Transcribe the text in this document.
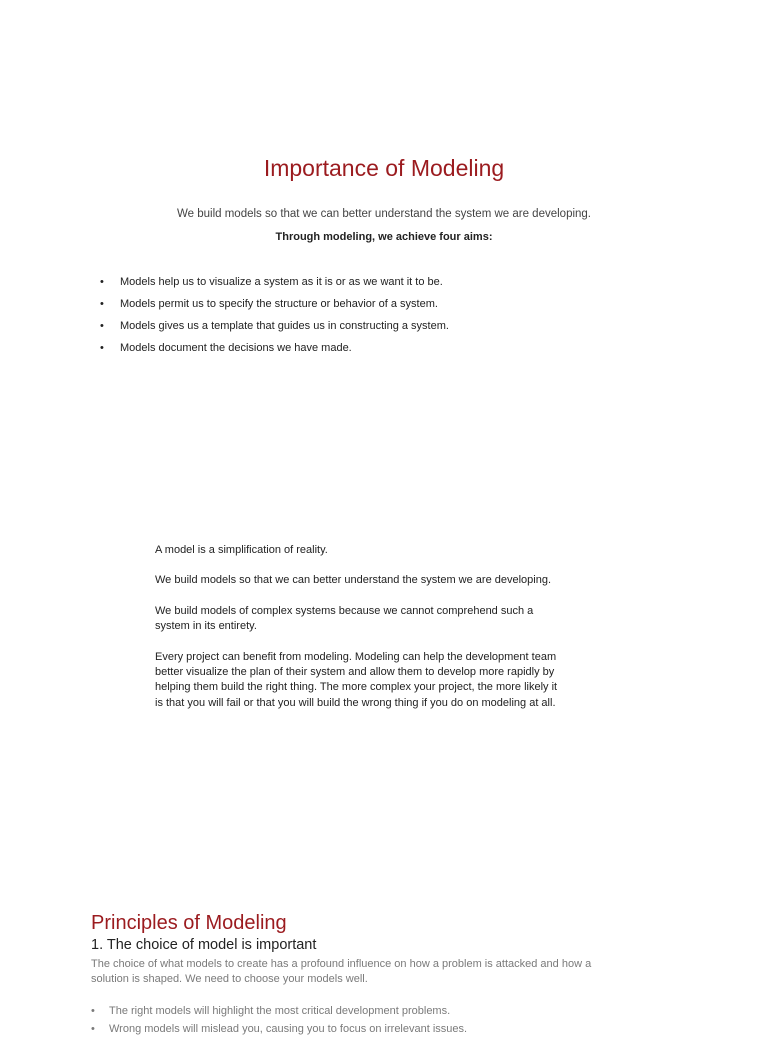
Importance of Modeling

We build models so that we can better understand the system we are developing.

Through modeling, we achieve four aims:

• Models help us to visualize a system as it is or as we want it to be.
• Models permit us to specify the structure or behavior of a system.
• Models gives us a template that guides us in constructing a system.
• Models document the decisions we have made.

A model is a simplification of reality.

We build models so that we can better understand the system we are developing.

We build models of complex systems because we cannot comprehend such a system in its entirety.

Every project can benefit from modeling. Modeling can help the development team better visualize the plan of their system and allow them to develop more rapidly by helping them build the right thing. The more complex your project, the more likely it is that you will fail or that you will build the wrong thing if you do on modeling at all.

Principles of Modeling
1. The choice of model is important

The choice of what models to create has a profound influence on how a problem is attacked and how a solution is shaped. We need to choose your models well.

• The right models will highlight the most critical development problems.
• Wrong models will mislead you, causing you to focus on irrelevant issues.
